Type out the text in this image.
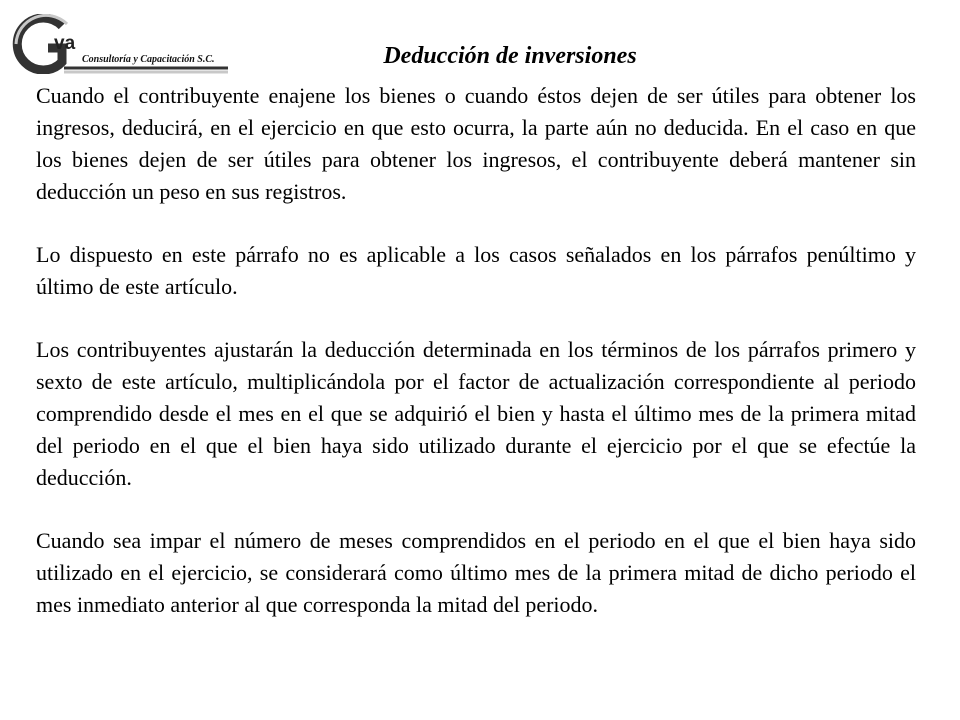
va
Consultoría y Capacitación S.C.	Deducción de inversiones

Cuando el contribuyente enajene los bienes o cuando éstos dejen de ser útiles para obtener los ingresos, deducirá, en el ejercicio en que esto ocurra, la parte aún no deducida. En el caso en que los bienes dejen de ser útiles para obtener los ingresos, el contribuyente deberá mantener sin deducción un peso en sus registros.

Lo dispuesto en este párrafo no es aplicable a los casos señalados en los párrafos penúltimo y último de este artículo.

Los contribuyentes ajustarán la deducción determinada en los términos de los párrafos primero y sexto de este artículo, multiplicándola por el factor de actualización correspondiente al periodo comprendido desde el mes en el que se adquirió el bien y hasta el último mes de la primera mitad del periodo en el que el bien haya sido utilizado durante el ejercicio por el que se efectúe la deducción.

Cuando sea impar el número de meses comprendidos en el periodo en el que el bien haya sido utilizado en el ejercicio, se considerará como último mes de la primera mitad de dicho periodo el mes inmediato anterior al que corresponda la mitad del periodo.
